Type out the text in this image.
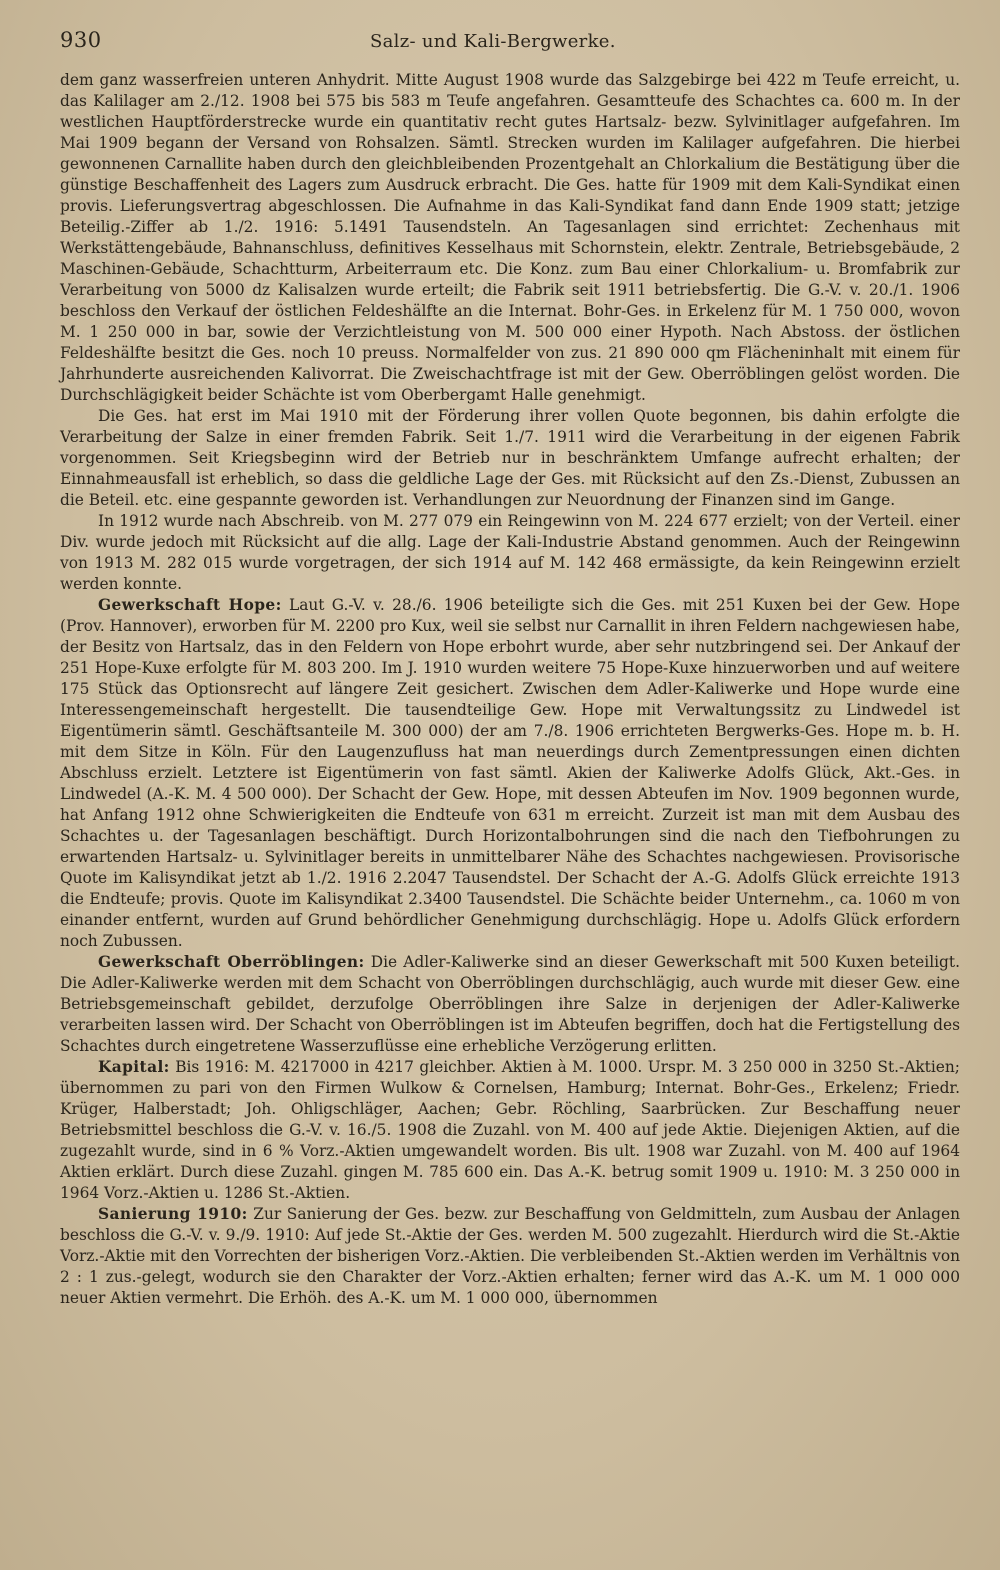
930	Salz- und Kali-Bergwerke.

dem ganz wasserfreien unteren Anhydrit. Mitte August 1908 wurde das Salzgebirge bei 422 m Teufe erreicht, u. das Kalilager am 2./12. 1908 bei 575 bis 583 m Teufe angefahren. Gesamtteufe des Schachtes ca. 600 m. In der westlichen Hauptförderstrecke wurde ein quantitativ recht gutes Hartsalz- bezw. Sylvinitlager aufgefahren. Im Mai 1909 begann der Versand von Rohsalzen. Sämtl. Strecken wurden im Kalilager aufgefahren. Die hierbei gewonnenen Carnallite haben durch den gleichbleibenden Prozentgehalt an Chlorkalium die Bestätigung über die günstige Beschaffenheit des Lagers zum Ausdruck erbracht. Die Ges. hatte für 1909 mit dem Kali-Syndikat einen provis. Lieferungsvertrag abgeschlossen. Die Aufnahme in das Kali-Syndikat fand dann Ende 1909 statt; jetzige Beteilig.-Ziffer ab 1./2. 1916: 5.1491 Tausendsteln. An Tagesanlagen sind errichtet: Zechenhaus mit Werkstättengebäude, Bahnanschluss, definitives Kesselhaus mit Schornstein, elektr. Zentrale, Betriebsgebäude, 2 Maschinen-Gebäude, Schachtturm, Arbeiterraum etc. Die Konz. zum Bau einer Chlorkalium- u. Bromfabrik zur Verarbeitung von 5000 dz Kalisalzen wurde erteilt; die Fabrik seit 1911 betriebsfertig. Die G.-V. v. 20./1. 1906 beschloss den Verkauf der östlichen Feldeshälfte an die Internat. Bohr-Ges. in Erkelenz für M. 1 750 000, wovon M. 1 250 000 in bar, sowie der Verzichtleistung von M. 500 000 einer Hypoth. Nach Abstoss. der östlichen Feldeshälfte besitzt die Ges. noch 10 preuss. Normalfelder von zus. 21 890 000 qm Flächeninhalt mit einem für Jahrhunderte ausreichenden Kalivorrat. Die Zweischachtfrage ist mit der Gew. Oberröblingen gelöst worden. Die Durchschlägigkeit beider Schächte ist vom Oberbergamt Halle genehmigt.

Die Ges. hat erst im Mai 1910 mit der Förderung ihrer vollen Quote begonnen, bis dahin erfolgte die Verarbeitung der Salze in einer fremden Fabrik. Seit 1./7. 1911 wird die Verarbeitung in der eigenen Fabrik vorgenommen. Seit Kriegsbeginn wird der Betrieb nur in beschränktem Umfange aufrecht erhalten; der Einnahmeausfall ist erheblich, so dass die geldliche Lage der Ges. mit Rücksicht auf den Zs.-Dienst, Zubussen an die Beteil. etc. eine gespannte geworden ist. Verhandlungen zur Neuordnung der Finanzen sind im Gange.

In 1912 wurde nach Abschreib. von M. 277 079 ein Reingewinn von M. 224 677 erzielt; von der Verteil. einer Div. wurde jedoch mit Rücksicht auf die allg. Lage der Kali-Industrie Abstand genommen. Auch der Reingewinn von 1913 M. 282 015 wurde vorgetragen, der sich 1914 auf M. 142 468 ermässigte, da kein Reingewinn erzielt werden konnte.

Gewerkschaft Hope: Laut G.-V. v. 28./6. 1906 beteiligte sich die Ges. mit 251 Kuxen bei der Gew. Hope (Prov. Hannover), erworben für M. 2200 pro Kux, weil sie selbst nur Carnallit in ihren Feldern nachgewiesen habe, der Besitz von Hartsalz, das in den Feldern von Hope erbohrt wurde, aber sehr nutzbringend sei. Der Ankauf der 251 Hope-Kuxe erfolgte für M. 803 200. Im J. 1910 wurden weitere 75 Hope-Kuxe hinzuerworben und auf weitere 175 Stück das Optionsrecht auf längere Zeit gesichert. Zwischen dem Adler-Kaliwerke und Hope wurde eine Interessengemeinschaft hergestellt. Die tausendteilige Gew. Hope mit Verwaltungssitz zu Lindwedel ist Eigentümerin sämtl. Geschäftsanteile M. 300 000) der am 7./8. 1906 errichteten Bergwerks-Ges. Hope m. b. H. mit dem Sitze in Köln. Für den Laugenzufluss hat man neuerdings durch Zementpressungen einen dichten Abschluss erzielt. Letztere ist Eigentümerin von fast sämtl. Akien der Kaliwerke Adolfs Glück, Akt.-Ges. in Lindwedel (A.-K. M. 4 500 000). Der Schacht der Gew. Hope, mit dessen Abteufen im Nov. 1909 begonnen wurde, hat Anfang 1912 ohne Schwierigkeiten die Endteufe von 631 m erreicht. Zurzeit ist man mit dem Ausbau des Schachtes u. der Tagesanlagen beschäftigt. Durch Horizontalbohrungen sind die nach den Tiefbohrungen zu erwartenden Hartsalz- u. Sylvinitlager bereits in unmittelbarer Nähe des Schachtes nachgewiesen. Provisorische Quote im Kalisyndikat jetzt ab 1./2. 1916 2.2047 Tausendstel. Der Schacht der A.-G. Adolfs Glück erreichte 1913 die Endteufe; provis. Quote im Kalisyndikat 2.3400 Tausendstel. Die Schächte beider Unternehm., ca. 1060 m von einander entfernt, wurden auf Grund behördlicher Genehmigung durchschlägig. Hope u. Adolfs Glück erfordern noch Zubussen.

Gewerkschaft Oberröblingen: Die Adler-Kaliwerke sind an dieser Gewerkschaft mit 500 Kuxen beteiligt. Die Adler-Kaliwerke werden mit dem Schacht von Oberröblingen durchschlägig, auch wurde mit dieser Gew. eine Betriebsgemeinschaft gebildet, derzufolge Oberröblingen ihre Salze in derjenigen der Adler-Kaliwerke verarbeiten lassen wird. Der Schacht von Oberröblingen ist im Abteufen begriffen, doch hat die Fertigstellung des Schachtes durch eingetretene Wasserzuflüsse eine erhebliche Verzögerung erlitten.

Kapital: Bis 1916: M. 4217000 in 4217 gleichber. Aktien à M. 1000. Urspr. M. 3 250 000 in 3250 St.-Aktien; übernommen zu pari von den Firmen Wulkow & Cornelsen, Hamburg; Internat. Bohr-Ges., Erkelenz; Friedr. Krüger, Halberstadt; Joh. Ohligschläger, Aachen; Gebr. Röchling, Saarbrücken. Zur Beschaffung neuer Betriebsmittel beschloss die G.-V. v. 16./5. 1908 die Zuzahl. von M. 400 auf jede Aktie. Diejenigen Aktien, auf die zugezahlt wurde, sind in 6 % Vorz.-Aktien umgewandelt worden. Bis ult. 1908 war Zuzahl. von M. 400 auf 1964 Aktien erklärt. Durch diese Zuzahl. gingen M. 785 600 ein. Das A.-K. betrug somit 1909 u. 1910: M. 3 250 000 in 1964 Vorz.-Aktien u. 1286 St.-Aktien.

Sanierung 1910: Zur Sanierung der Ges. bezw. zur Beschaffung von Geldmitteln, zum Ausbau der Anlagen beschloss die G.-V. v. 9./9. 1910: Auf jede St.-Aktie der Ges. werden M. 500 zugezahlt. Hierdurch wird die St.-Aktie Vorz.-Aktie mit den Vorrechten der bisherigen Vorz.-Aktien. Die verbleibenden St.-Aktien werden im Verhältnis von 2 : 1 zus.-gelegt, wodurch sie den Charakter der Vorz.-Aktien erhalten; ferner wird das A.-K. um M. 1 000 000 neuer Aktien vermehrt. Die Erhöh. des A.-K. um M. 1 000 000, übernommen
